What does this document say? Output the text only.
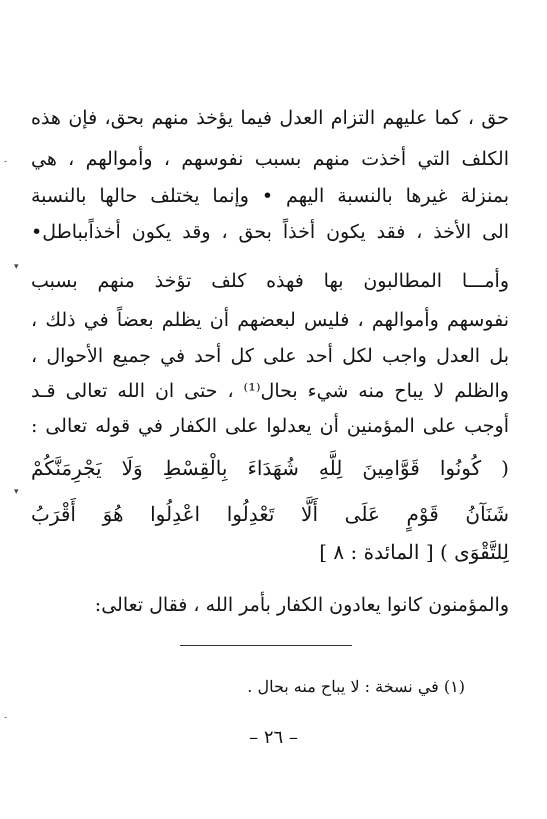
حق ، كما عليهم التزام العدل فيما يؤخذ منهم بحق، فإن هذه
الكلف التي أخذت منهم بسبب نفوسهم ، وأموالهم ، هي
بمنزلة غيرها بالنسبة اليهم • وإنما يختلف حالها بالنسبة
الى الأخذ ، فقد يكون أخذاً بحق ، وقد يكون أخذاًبباطل•
وأمـــا المطالبون بها فهذه كلف تؤخذ منهم بسبب
نفوسهم وأموالهم ، فليس لبعضهم أن يظلم بعضاً في ذلك ،
بل العدل واجب لكل أحد على كل أحد في جميع الأحوال ،
والظلم لا يباح منه شيء بحال⁽¹⁾ ، حتى ان الله تعالى قـد
أوجب على المؤمنين أن يعدلوا على الكفار في قوله تعالى :
( كُونُوا قَوَّامِينَ لِلَّهِ شُهَدَاءَ بِالْقِسْطِ وَلَا يَجْرِمَنَّكُمْ
شَنَآنُ قَوْمٍ عَلَى أَلَّا تَعْدِلُوا اعْدِلُوا هُوَ أَقْرَبُ
لِلتَّقْوَى ) [ المائدة : ٨ ]
والمؤمنون كانوا يعادون الكفار بأمر الله ، فقال تعالى:
(١) في نسخة : لا يباح منه بحال .
– ٢٦ –
-
▾
▾
-
